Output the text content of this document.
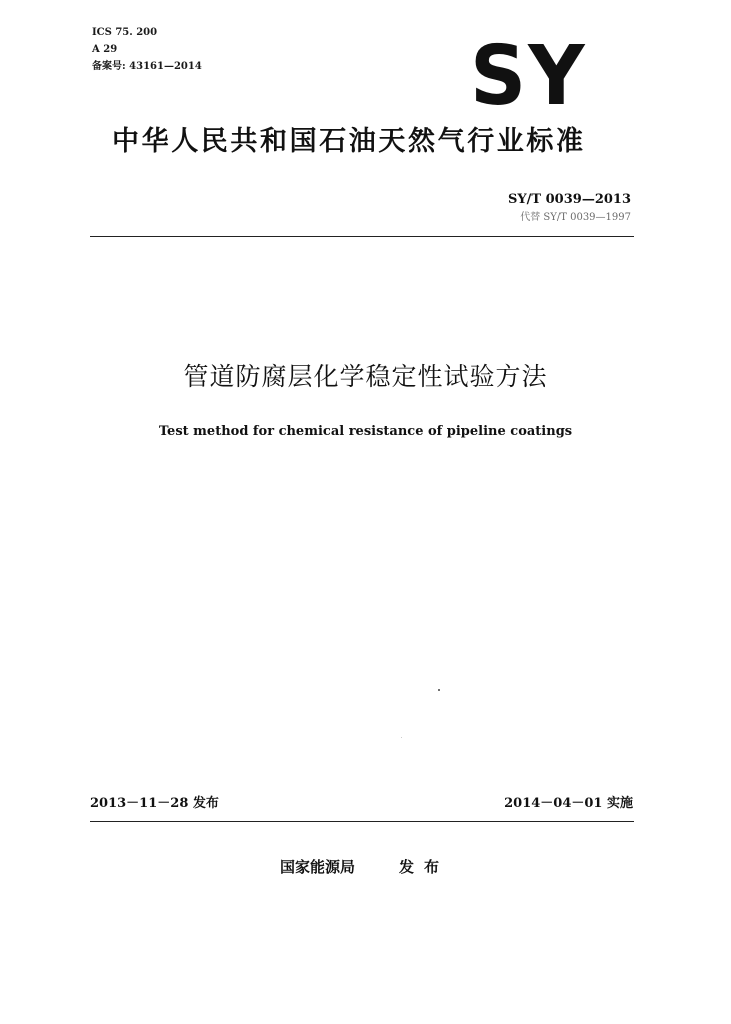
ICS 75. 200
A 29
备案号: 43161—2014	SY
中华人民共和国石油天然气行业标准
SY/T 0039—2013
代替 SY/T 0039—1997
管道防腐层化学稳定性试验方法
Test method for chemical resistance of pipeline coatings
2013－11－28 发布	2014－04－01 实施
国家能源局	发布
